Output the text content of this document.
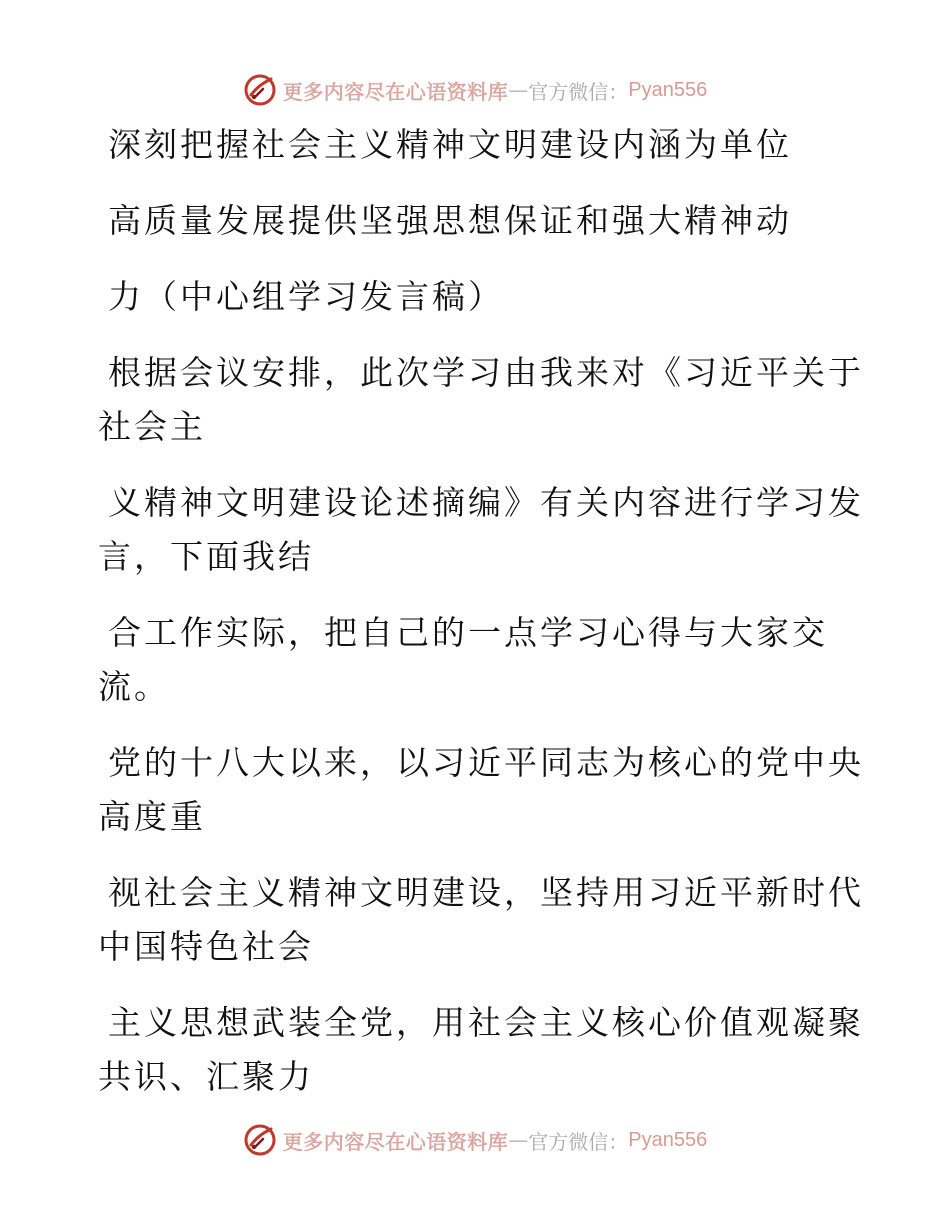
更多内容尽在心语资料库 — 官方微信： Pyan556
深刻把握社会主义精神文明建设内涵为单位
高质量发展提供坚强思想保证和强大精神动
力（中心组学习发言稿）
根据会议安排，此次学习由我来对《习近平关于
社会主
义精神文明建设论述摘编》有关内容进行学习发
言，下面我结
合工作实际，把自己的一点学习心得与大家交
流。
党的十八大以来，以习近平同志为核心的党中央
高度重
视社会主义精神文明建设，坚持用习近平新时代
中国特色社会
主义思想武装全党，用社会主义核心价值观凝聚
共识、汇聚力
更多内容尽在心语资料库 — 官方微信： Pyan556
